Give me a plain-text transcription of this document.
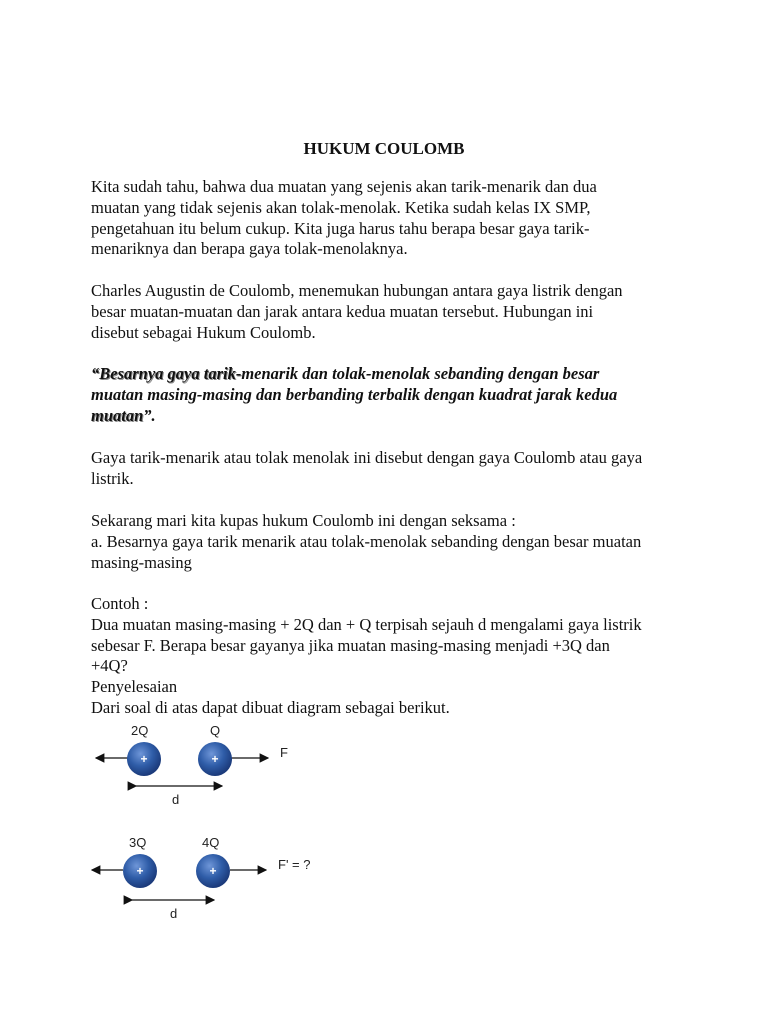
HUKUM COULOMB

Kita sudah tahu, bahwa dua muatan yang sejenis akan tarik-menarik dan dua

muatan yang tidak sejenis akan tolak-menolak. Ketika sudah kelas IX SMP,

pengetahuan itu belum cukup. Kita juga harus tahu berapa besar gaya tarik-

menariknya dan berapa gaya tolak-menolaknya.

Charles Augustin de Coulomb, menemukan hubungan antara gaya listrik dengan

besar muatan-muatan dan jarak antara kedua muatan tersebut. Hubungan ini

disebut sebagai Hukum Coulomb.

“Besarnya gaya tarik-menarik dan tolak-menolak sebanding dengan besar

muatan masing-masing dan berbanding terbalik dengan kuadrat jarak kedua

muatan”.

Gaya tarik-menarik atau tolak menolak ini disebut dengan gaya Coulomb atau gaya

listrik.

Sekarang mari kita kupas hukum Coulomb ini dengan seksama :

a. Besarnya gaya tarik menarik atau tolak-menolak sebanding dengan besar muatan

masing-masing

Contoh :

Dua muatan masing-masing + 2Q dan + Q terpisah sejauh d mengalami gaya listrik

sebesar F. Berapa besar gayanya jika muatan masing-masing menjadi +3Q dan

+4Q?

Penyelesaian

Dari soal di atas dapat dibuat diagram sebagai berikut.

2Q	Q
+	+	F
d
3Q	4Q
+	+	F' = ?
d
